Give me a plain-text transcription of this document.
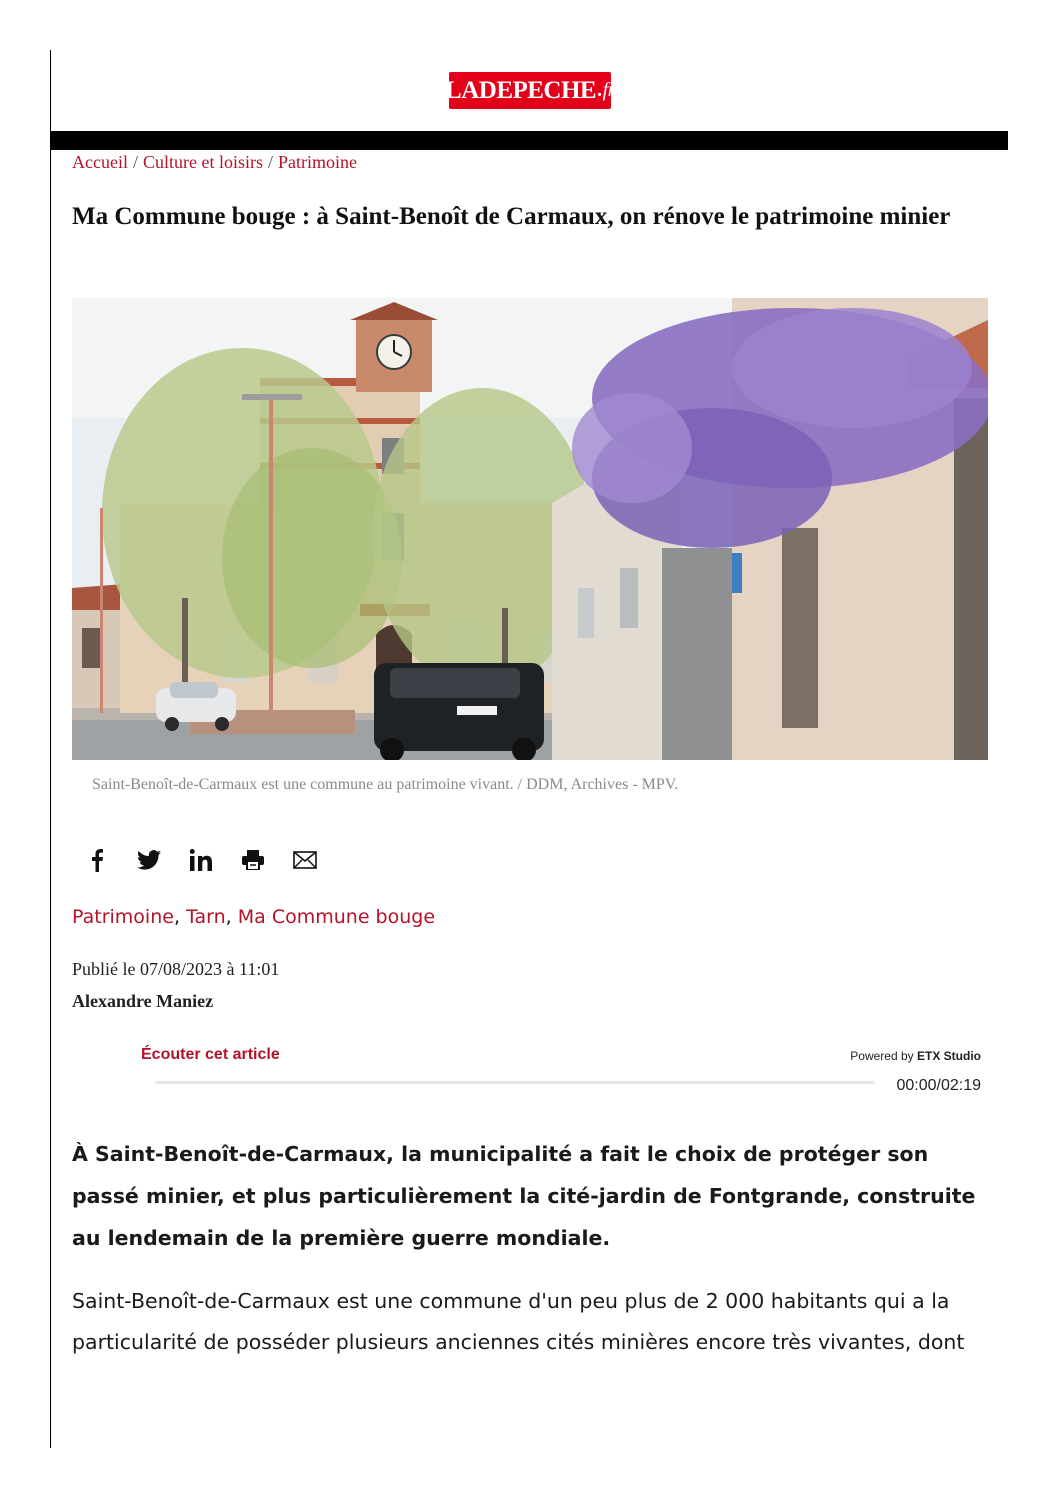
LADEPECHE . fr
Accueil / Culture et loisirs / Patrimoine
Ma Commune bouge : à Saint-Benoît de Carmaux, on rénove le patrimoine minier
Saint-Benoît-de-Carmaux est une commune au patrimoine vivant. / DDM, Archives - MPV.
Patrimoine, Tarn, Ma Commune bouge
Publié le 07/08/2023 à 11:01
Alexandre Maniez
Écouter cet article	Powered by ETX Studio
00:00/02:19

À Saint-Benoît-de-Carmaux, la municipalité a fait le choix de protéger son passé minier, et plus particulièrement la cité-jardin de Fontgrande, construite au lendemain de la première guerre mondiale.

Saint-Benoît-de-Carmaux est une commune d'un peu plus de 2 000 habitants qui a la particularité de posséder plusieurs anciennes cités minières encore très vivantes, dont
